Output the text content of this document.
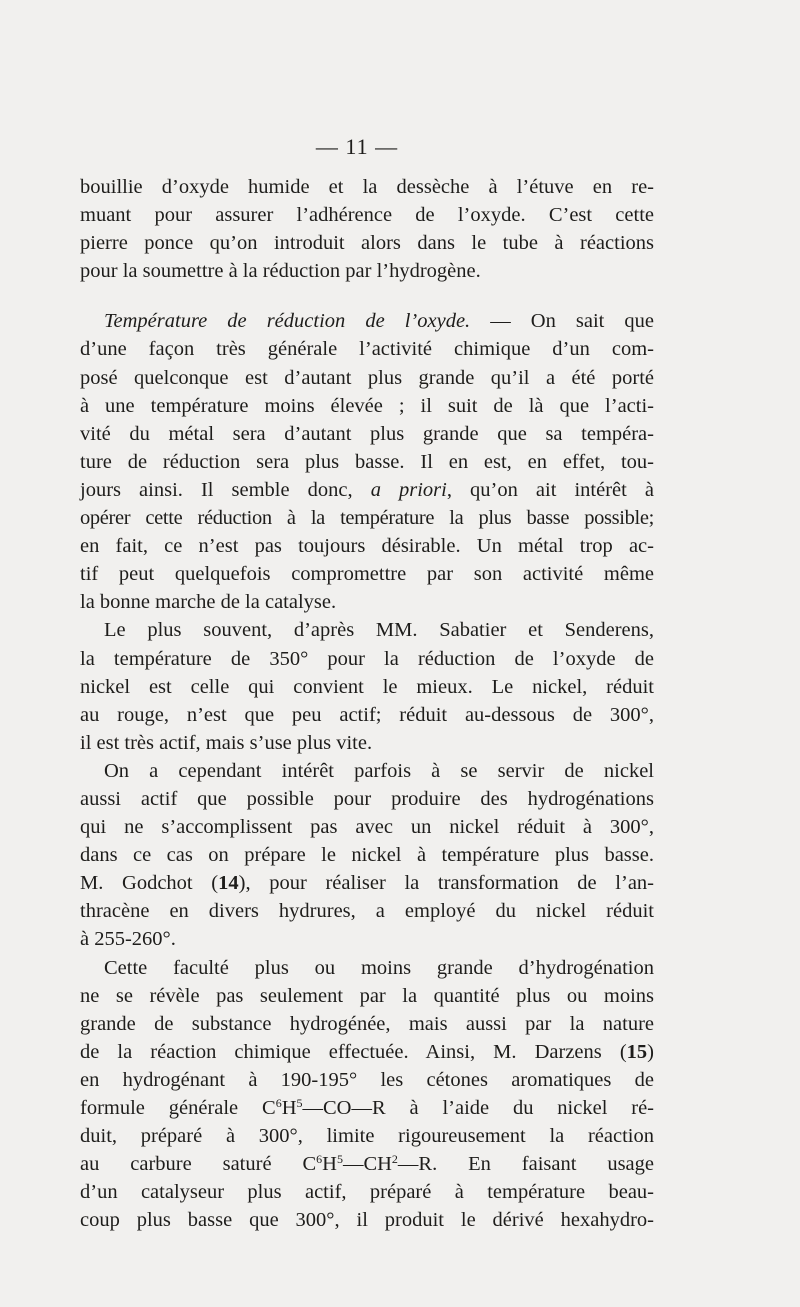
— 11 —
bouillie d’oxyde humide et la dessèche à l’étuve en re-
muant pour assurer l’adhérence de l’oxyde. C’est cette
pierre ponce qu’on introduit alors dans le tube à réactions
pour la soumettre à la réduction par l’hydrogène.
Température de réduction de l’oxyde. — On sait que
d’une façon très générale l’activité chimique d’un com-
posé quelconque est d’autant plus grande qu’il a été porté
à une température moins élevée ; il suit de là que l’acti-
vité du métal sera d’autant plus grande que sa tempéra-
ture de réduction sera plus basse. Il en est, en effet, tou-
jours ainsi. Il semble donc, a priori, qu’on ait intérêt à
opérer cette réduction à la température la plus basse possible;
en fait, ce n’est pas toujours désirable. Un métal trop ac-
tif peut quelquefois compromettre par son activité même
la bonne marche de la catalyse.
Le plus souvent, d’après MM. Sabatier et Senderens,
la température de 350° pour la réduction de l’oxyde de
nickel est celle qui convient le mieux. Le nickel, réduit
au rouge, n’est que peu actif; réduit au-dessous de 300°,
il est très actif, mais s’use plus vite.
On a cependant intérêt parfois à se servir de nickel
aussi actif que possible pour produire des hydrogénations
qui ne s’accomplissent pas avec un nickel réduit à 300°,
dans ce cas on prépare le nickel à température plus basse.
M. Godchot (14), pour réaliser la transformation de l’an-
thracène en divers hydrures, a employé du nickel réduit
à 255-260°.
Cette faculté plus ou moins grande d’hydrogénation
ne se révèle pas seulement par la quantité plus ou moins
grande de substance hydrogénée, mais aussi par la nature
de la réaction chimique effectuée. Ainsi, M. Darzens (15)
en hydrogénant à 190-195° les cétones aromatiques de
formule générale $C^6H^5—CO—R$ à l’aide du nickel ré-
duit, préparé à 300°, limite rigoureusement la réaction
au carbure saturé $C^6H^5—CH^2—R$. En faisant usage
d’un catalyseur plus actif, préparé à température beau-
coup plus basse que 300°, il produit le dérivé hexahydro-
